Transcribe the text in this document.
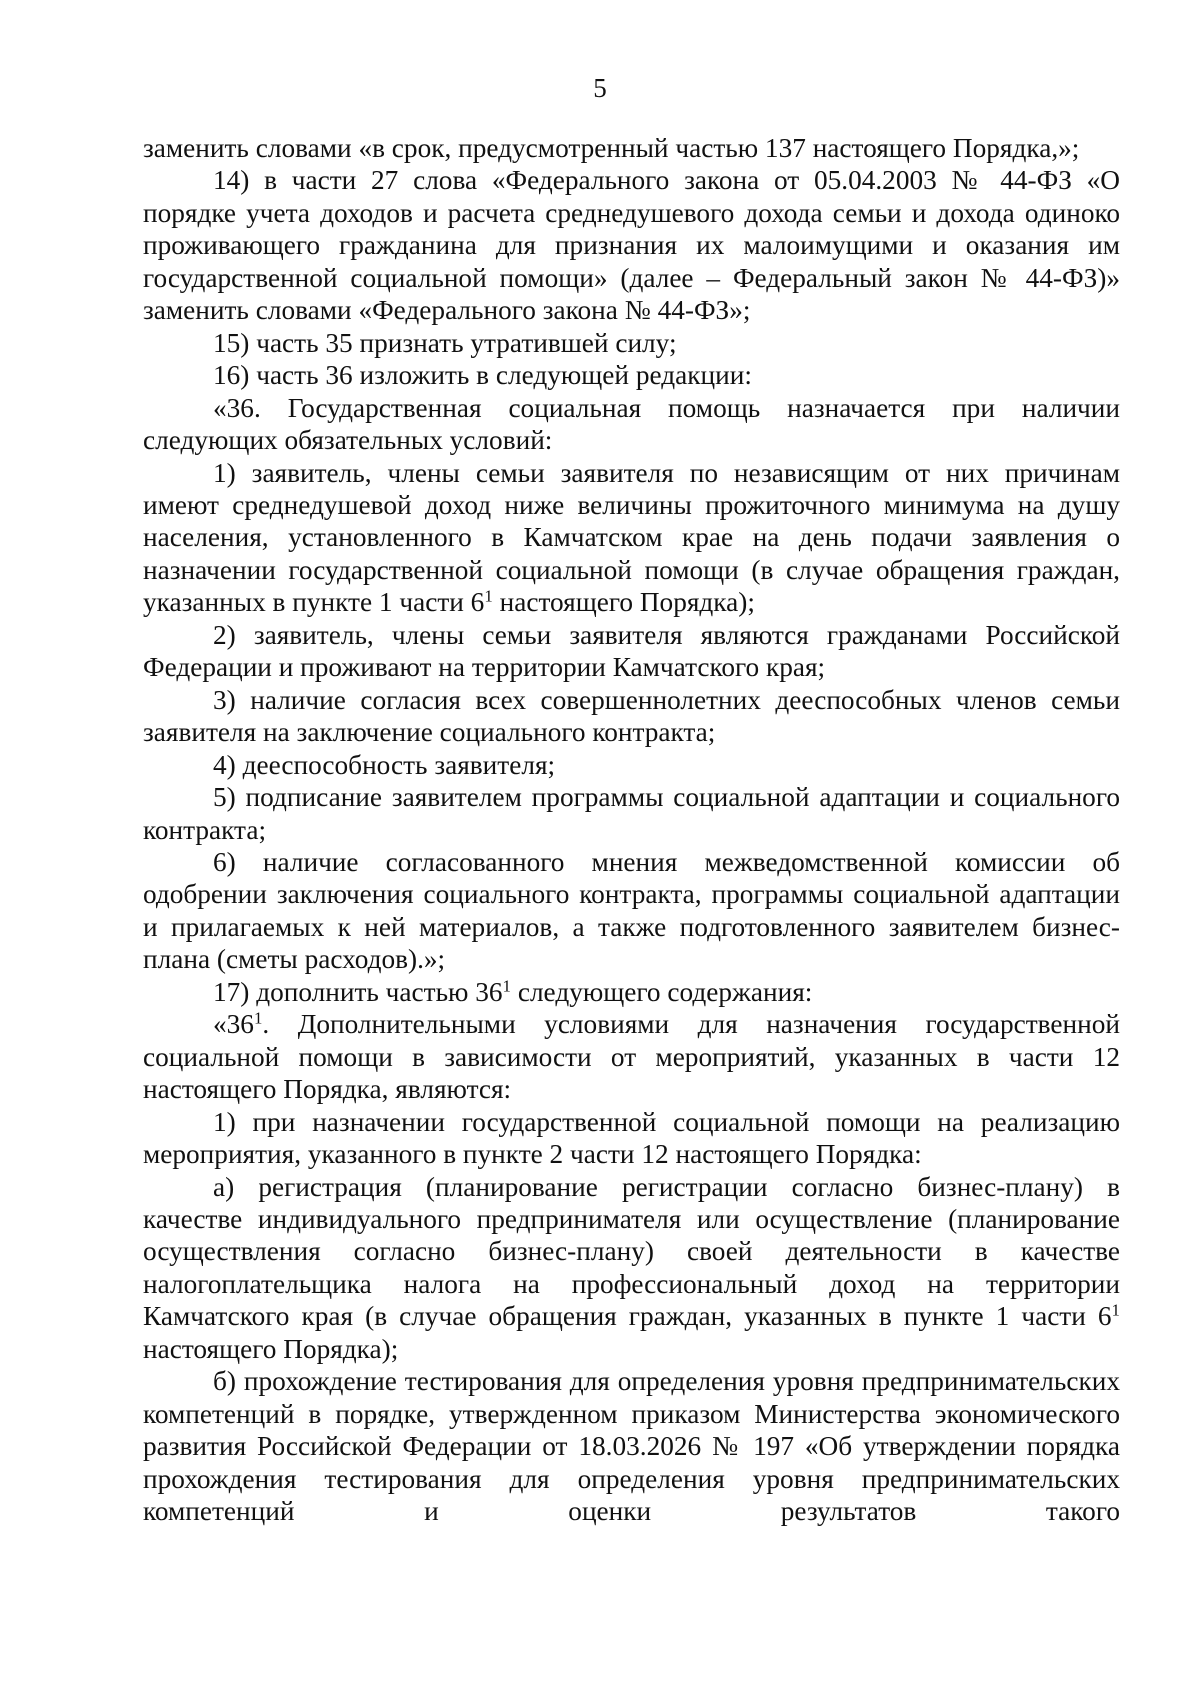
5

заменить словами «в срок, предусмотренный частью 137 настоящего Порядка,»;

14) в части 27 слова «Федерального закона от 05.04.2003 № 44-ФЗ «О порядке учета доходов и расчета среднедушевого дохода семьи и дохода одиноко проживающего гражданина для признания их малоимущими и оказания им государственной социальной помощи» (далее – Федеральный закон № 44-ФЗ)» заменить словами «Федерального закона № 44-ФЗ»;

15) часть 35 признать утратившей силу;

16) часть 36 изложить в следующей редакции:

«36. Государственная социальная помощь назначается при наличии следующих обязательных условий:

1) заявитель, члены семьи заявителя по независящим от них причинам имеют среднедушевой доход ниже величины прожиточного минимума на душу населения, установленного в Камчатском крае на день подачи заявления о назначении государственной социальной помощи (в случае обращения граждан, указанных в пункте 1 части $6^1$ настоящего Порядка);

2) заявитель, члены семьи заявителя являются гражданами Российской Федерации и проживают на территории Камчатского края;

3) наличие согласия всех совершеннолетних дееспособных членов семьи заявителя на заключение социального контракта;

4) дееспособность заявителя;

5) подписание заявителем программы социальной адаптации и социального контракта;

6) наличие согласованного мнения межведомственной комиссии об одобрении заключения социального контракта, программы социальной адаптации и прилагаемых к ней материалов, а также подготовленного заявителем бизнес-плана (сметы расходов).»;

17) дополнить частью $36^1$ следующего содержания:

«$36^1$. Дополнительными условиями для назначения государственной социальной помощи в зависимости от мероприятий, указанных в части 12 настоящего Порядка, являются:

1) при назначении государственной социальной помощи на реализацию мероприятия, указанного в пункте 2 части 12 настоящего Порядка:

а) регистрация (планирование регистрации согласно бизнес-плану) в качестве индивидуального предпринимателя или осуществление (планирование осуществления согласно бизнес-плану) своей деятельности в качестве налогоплательщика налога на профессиональный доход на территории Камчатского края (в случае обращения граждан, указанных в пункте 1 части $6^1$ настоящего Порядка);

б) прохождение тестирования для определения уровня предпринимательских компетенций в порядке, утвержденном приказом Министерства экономического развития Российской Федерации от 18.03.2026 № 197 «Об утверждении порядка прохождения тестирования для определения уровня предпринимательских компетенций и оценки результатов такого
